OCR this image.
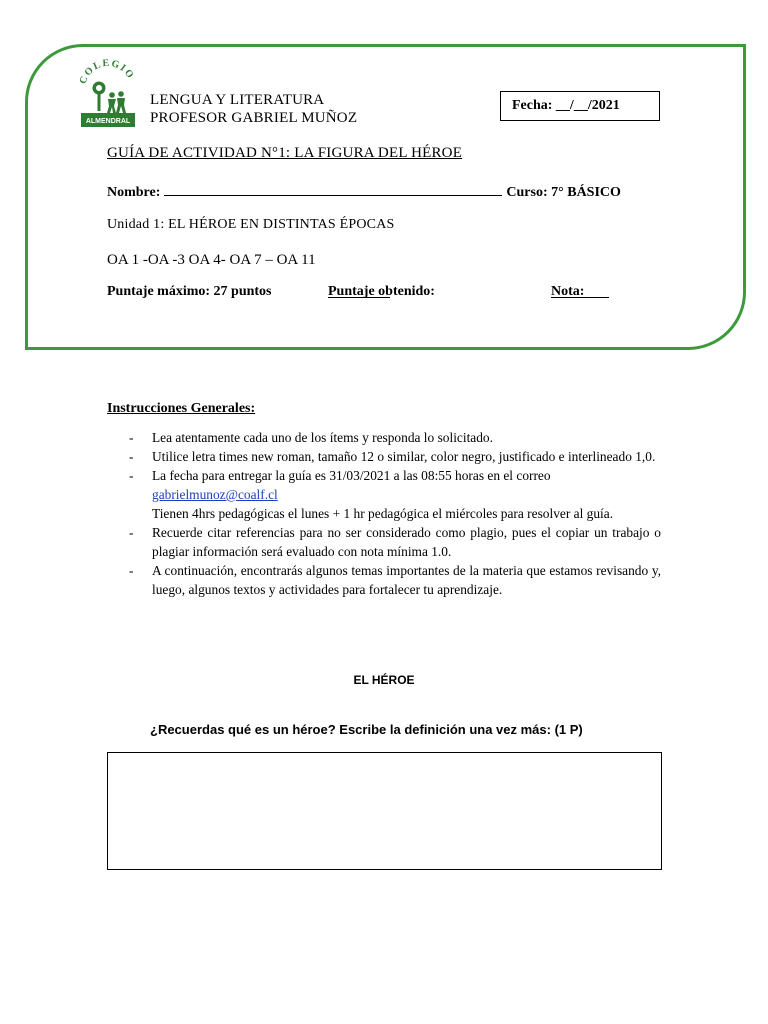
COLEGIO
ALMENDRAL
LENGUA Y LITERATURA
PROFESOR GABRIEL MUÑOZ
Fecha: __/__/2021
GUÍA DE ACTIVIDAD N°1: LA FIGURA DEL HÉROE
Nombre:	Curso: 7° BÁSICO
Unidad 1: EL HÉROE EN DISTINTAS ÉPOCAS
OA 1 -OA -3 OA 4- OA 7 – OA 11
Puntaje máximo: 27 puntos	Puntaje obtenido:	Nota:
Instrucciones Generales:
- Lea atentamente cada uno de los ítems y responda lo solicitado.
- Utilice letra times new roman, tamaño 12 o similar, color negro, justificado e interlineado 1,0.
- La fecha para entregar la guía es 31/03/2021 a las 08:55 horas en el correo
gabrielmunoz@coalf.cl
Tienen 4hrs pedagógicas el lunes + 1 hr pedagógica el miércoles para resolver al guía.
- Recuerde citar referencias para no ser considerado como plagio, pues el copiar un trabajo o plagiar información será evaluado con nota mínima 1.0.
- A continuación, encontrarás algunos temas importantes de la materia que estamos revisando y, luego, algunos textos y actividades para fortalecer tu aprendizaje.
EL HÉROE
¿Recuerdas qué es un héroe? Escribe la definición una vez más: (1 P)
